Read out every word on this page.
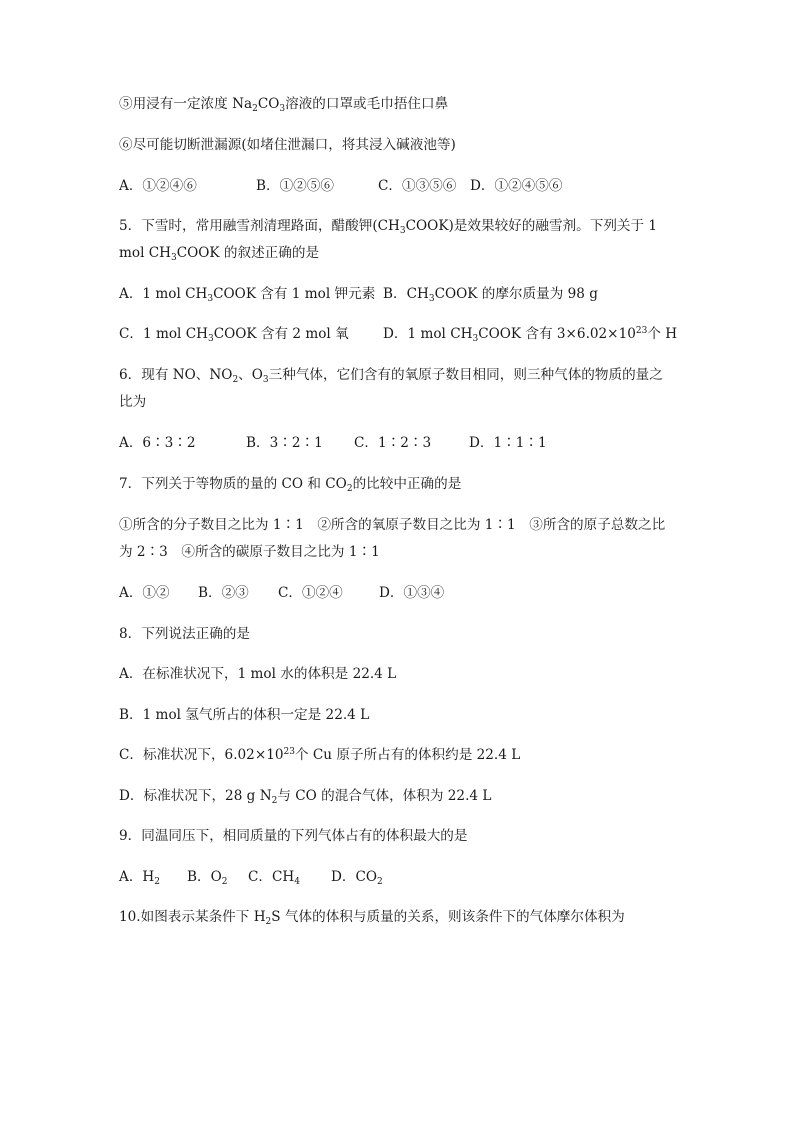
⑤用浸有一定浓度 $Na_2CO_3$溶液的口罩或毛巾捂住口鼻
⑥尽可能切断泄漏源(如堵住泄漏口，将其浸入碱液池等)
A．①②④⑥	B．①②⑤⑥	C．①③⑤⑥ D．①②④⑤⑥
5．下雪时，常用融雪剂清理路面，醋酸钾$(CH_3COOK)$是效果较好的融雪剂。下列关于 1
mol $CH_3COOK$ 的叙述正确的是
A．1 mol $CH_3COOK$ 含有 1 mol 钾元素 B．$CH_3COOK$ 的摩尔质量为 98 g
C．1 mol $CH_3COOK$ 含有 2 mol 氧	D．1 mol $CH_3COOK$ 含有 $3\times 6.02\times 10^{23}$个 H
6．现有 NO、$NO_2$、$O_3$三种气体，它们含有的氧原子数目相同，则三种气体的物质的量之
比为
A．6∶3∶2	B．3∶2∶1 C．1∶2∶3	D．1∶1∶1
7．下列关于等物质的量的 CO 和 $CO_2$的比较中正确的是
①所含的分子数目之比为 1∶1　②所含的氧原子数目之比为 1∶1　③所含的原子总数之比
为 2∶3　④所含的碳原子数目之比为 1∶1
A．①② B．②③ C．①②④	D．①③④
8．下列说法正确的是
A．在标准状况下，1 mol 水的体积是 22.4 L
B．1 mol 氢气所占的体积一定是 22.4 L
C．标准状况下，$6.02\times 10^{23}$个 Cu 原子所占有的体积约是 22.4 L
D．标准状况下，28 g $N_2$与 CO 的混合气体，体积为 22.4 L
9．同温同压下，相同质量的下列气体占有的体积最大的是
A．$H_2$ B．$O_2$ C．$CH_4$ D．$CO_2$
10.如图表示某条件下 $H_2S$ 气体的体积与质量的关系，则该条件下的气体摩尔体积为
